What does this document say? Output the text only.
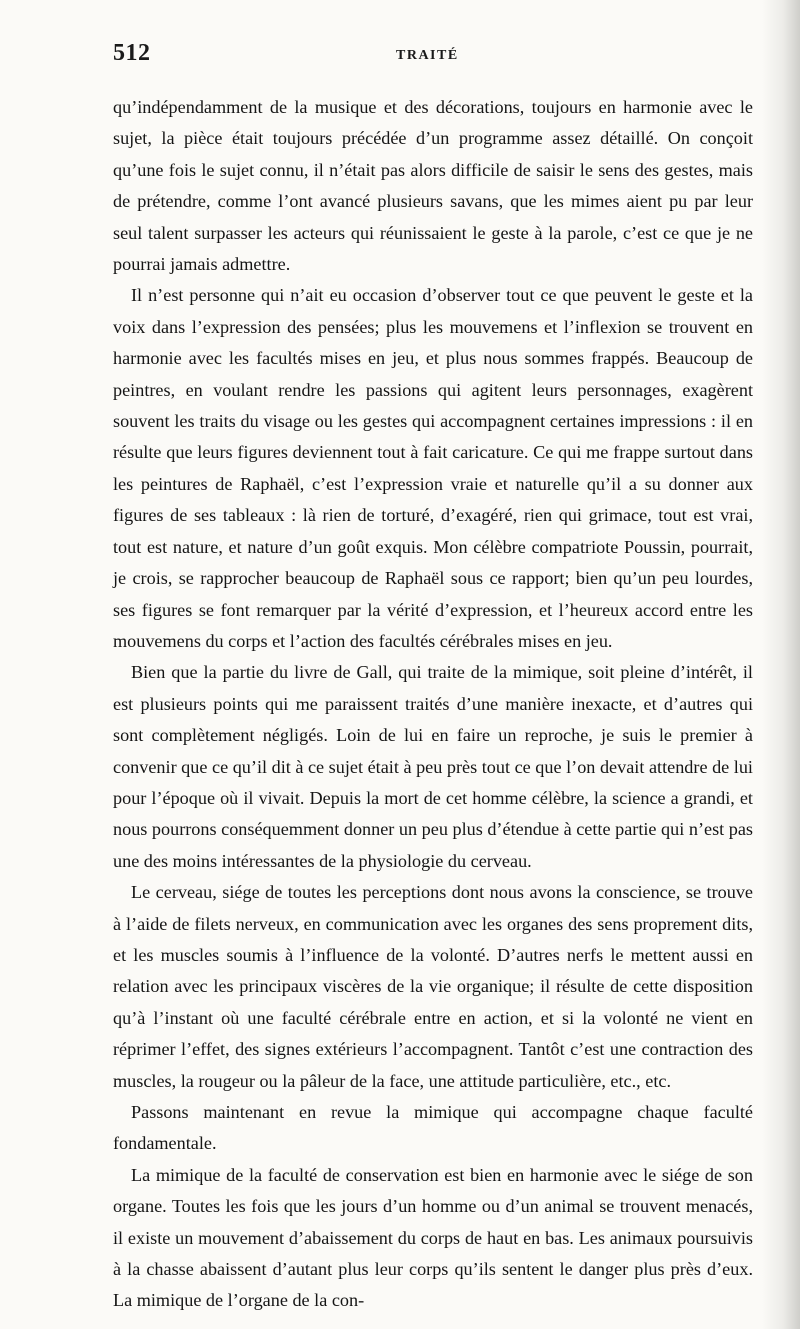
512	TRAITÉ

qu’indépendamment de la musique et des décorations, toujours en harmonie avec le sujet, la pièce était toujours précédée d’un programme assez détaillé. On conçoit qu’une fois le sujet connu, il n’était pas alors difficile de saisir le sens des gestes, mais de prétendre, comme l’ont avancé plusieurs savans, que les mimes aient pu par leur seul talent surpasser les acteurs qui réunissaient le geste à la parole, c’est ce que je ne pourrai jamais admettre.

Il n’est personne qui n’ait eu occasion d’observer tout ce que peuvent le geste et la voix dans l’expression des pensées; plus les mouvemens et l’inflexion se trouvent en harmonie avec les facultés mises en jeu, et plus nous sommes frappés. Beaucoup de peintres, en voulant rendre les passions qui agitent leurs personnages, exagèrent souvent les traits du visage ou les gestes qui accompagnent certaines impressions : il en résulte que leurs figures deviennent tout à fait caricature. Ce qui me frappe surtout dans les peintures de Raphaël, c’est l’expression vraie et naturelle qu’il a su donner aux figures de ses tableaux : là rien de torturé, d’exagéré, rien qui grimace, tout est vrai, tout est nature, et nature d’un goût exquis. Mon célèbre compatriote Poussin, pourrait, je crois, se rapprocher beaucoup de Raphaël sous ce rapport; bien qu’un peu lourdes, ses figures se font remarquer par la vérité d’expression, et l’heureux accord entre les mouvemens du corps et l’action des facultés cérébrales mises en jeu.

Bien que la partie du livre de Gall, qui traite de la mimique, soit pleine d’intérêt, il est plusieurs points qui me paraissent traités d’une manière inexacte, et d’autres qui sont complètement négligés. Loin de lui en faire un reproche, je suis le premier à convenir que ce qu’il dit à ce sujet était à peu près tout ce que l’on devait attendre de lui pour l’époque où il vivait. Depuis la mort de cet homme célèbre, la science a grandi, et nous pourrons conséquemment donner un peu plus d’étendue à cette partie qui n’est pas une des moins intéressantes de la physiologie du cerveau.

Le cerveau, siége de toutes les perceptions dont nous avons la conscience, se trouve à l’aide de filets nerveux, en communication avec les organes des sens proprement dits, et les muscles soumis à l’influence de la volonté. D’autres nerfs le mettent aussi en relation avec les principaux viscères de la vie organique; il résulte de cette disposition qu’à l’instant où une faculté cérébrale entre en action, et si la volonté ne vient en réprimer l’effet, des signes extérieurs l’accompagnent. Tantôt c’est une contraction des muscles, la rougeur ou la pâleur de la face, une attitude particulière, etc., etc.

Passons maintenant en revue la mimique qui accompagne chaque faculté fondamentale.

La mimique de la faculté de conservation est bien en harmonie avec le siége de son organe. Toutes les fois que les jours d’un homme ou d’un animal se trouvent menacés, il existe un mouvement d’abaissement du corps de haut en bas. Les animaux poursuivis à la chasse abaissent d’autant plus leur corps qu’ils sentent le danger plus près d’eux. La mimique de l’organe de la con-
